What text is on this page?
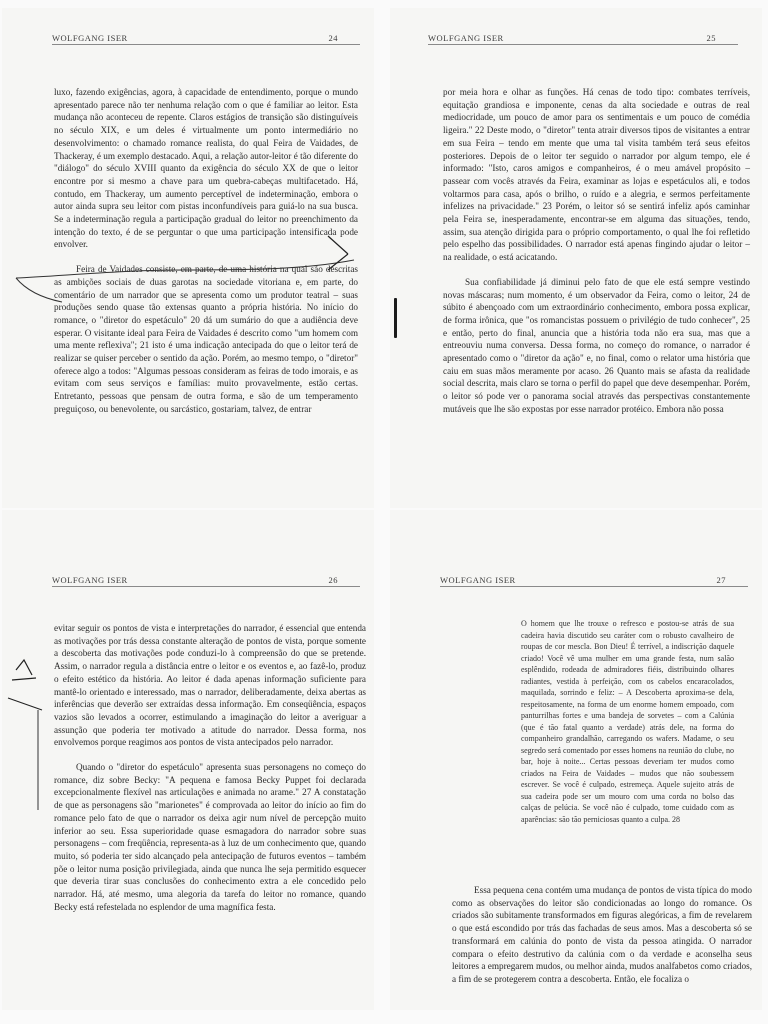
WOLFGANG ISER	24

luxo, fazendo exigências, agora, à capacidade de entendimento, porque o mundo apresentado parece não ter nenhuma relação com o que é familiar ao leitor. Esta mudança não aconteceu de repente. Claros estágios de transição são distinguíveis no século XIX, e um deles é virtualmente um ponto intermediário no desenvolvimento: o chamado romance realista, do qual Feira de Vaidades, de Thackeray, é um exemplo destacado. Aqui, a relação autor-leitor é tão diferente do "diálogo" do século XVIII quanto da exigência do século XX de que o leitor encontre por si mesmo a chave para um quebra-cabeças multifacetado. Há, contudo, em Thackeray, um aumento perceptível de indeterminação, embora o autor ainda supra seu leitor com pistas inconfundíveis para guiá-lo na sua busca. Se a indeterminação regula a participação gradual do leitor no preenchimento da intenção do texto, é de se perguntar o que uma participação intensificada pode envolver.

Feira de Vaidades consiste, em parte, de uma história na qual são descritas as ambições sociais de duas garotas na sociedade vitoriana e, em parte, do comentário de um narrador que se apresenta como um produtor teatral – suas produções sendo quase tão extensas quanto a própria história. No início do romance, o "diretor do espetáculo" 20 dá um sumário do que a audiência deve esperar. O visitante ideal para Feira de Vaidades é descrito como "um homem com uma mente reflexiva"; 21 isto é uma indicação antecipada do que o leitor terá de realizar se quiser perceber o sentido da ação. Porém, ao mesmo tempo, o "diretor" oferece algo a todos: "Algumas pessoas consideram as feiras de todo imorais, e as evitam com seus serviços e famílias: muito provavelmente, estão certas. Entretanto, pessoas que pensam de outra forma, e são de um temperamento preguiçoso, ou benevolente, ou sarcástico, gostariam, talvez, de entrar

WOLFGANG ISER	25

por meia hora e olhar as funções. Há cenas de todo tipo: combates terríveis, equitação grandiosa e imponente, cenas da alta sociedade e outras de real mediocridade, um pouco de amor para os sentimentais e um pouco de comédia ligeira." 22 Deste modo, o "diretor" tenta atrair diversos tipos de visitantes a entrar em sua Feira – tendo em mente que uma tal visita também terá seus efeitos posteriores. Depois de o leitor ter seguido o narrador por algum tempo, ele é informado: "Isto, caros amigos e companheiros, é o meu amável propósito – passear com vocês através da Feira, examinar as lojas e espetáculos ali, e todos voltarmos para casa, após o brilho, o ruído e a alegria, e sermos perfeitamente infelizes na privacidade." 23 Porém, o leitor só se sentirá infeliz após caminhar pela Feira se, inesperadamente, encontrar-se em alguma das situações, tendo, assim, sua atenção dirigida para o próprio comportamento, o qual lhe foi refletido pelo espelho das possibilidades. O narrador está apenas fingindo ajudar o leitor – na realidade, o está acicatando.

Sua confiabilidade já diminui pelo fato de que ele está sempre vestindo novas máscaras; num momento, é um observador da Feira, como o leitor, 24 de súbito é abençoado com um extraordinário conhecimento, embora possa explicar, de forma irônica, que "os romancistas possuem o privilégio de tudo conhecer", 25 e então, perto do final, anuncia que a história toda não era sua, mas que a entreouviu numa conversa. Dessa forma, no começo do romance, o narrador é apresentado como o "diretor da ação" e, no final, como o relator uma história que caiu em suas mãos meramente por acaso. 26 Quanto mais se afasta da realidade social descrita, mais claro se torna o perfil do papel que deve desempenhar. Porém, o leitor só pode ver o panorama social através das perspectivas constantemente mutáveis que lhe são expostas por esse narrador protéico. Embora não possa

WOLFGANG ISER	26

evitar seguir os pontos de vista e interpretações do narrador, é essencial que entenda as motivações por trás dessa constante alteração de pontos de vista, porque somente a descoberta das motivações pode conduzi-lo à compreensão do que se pretende. Assim, o narrador regula a distância entre o leitor e os eventos e, ao fazê-lo, produz o efeito estético da história. Ao leitor é dada apenas informação suficiente para mantê-lo orientado e interessado, mas o narrador, deliberadamente, deixa abertas as inferências que deverão ser extraídas dessa informação. Em conseqüência, espaços vazios são levados a ocorrer, estimulando a imaginação do leitor a averiguar a assunção que poderia ter motivado a atitude do narrador. Dessa forma, nos envolvemos porque reagimos aos pontos de vista antecipados pelo narrador.

Quando o "diretor do espetáculo" apresenta suas personagens no começo do romance, diz sobre Becky: "A pequena e famosa Becky Puppet foi declarada excepcionalmente flexível nas articulações e animada no arame." 27 A constatação de que as personagens são "marionetes" é comprovada ao leitor do início ao fim do romance pelo fato de que o narrador os deixa agir num nível de percepção muito inferior ao seu. Essa superioridade quase esmagadora do narrador sobre suas personagens – com freqüência, representa-as à luz de um conhecimento que, quando muito, só poderia ter sido alcançado pela antecipação de futuros eventos – também põe o leitor numa posição privilegiada, ainda que nunca lhe seja permitido esquecer que deveria tirar suas conclusões do conhecimento extra a ele concedido pelo narrador. Há, até mesmo, uma alegoria da tarefa do leitor no romance, quando Becky está refestelada no esplendor de uma magnífica festa.

WOLFGANG ISER	27

O homem que lhe trouxe o refresco e postou-se atrás de sua cadeira havia discutido seu caráter com o robusto cavalheiro de roupas de cor mescla. Bon Dieu! É terrível, a indiscrição daquele criado! Você vê uma mulher em uma grande festa, num salão esplêndido, rodeada de admiradores fiéis, distribuindo olhares radiantes, vestida à perfeição, com os cabelos encaracolados, maquilada, sorrindo e feliz: – A Descoberta aproxima-se dela, respeitosamente, na forma de um enorme homem empoado, com panturrilhas fortes e uma bandeja de sorvetes – com a Calúnia (que é tão fatal quanto a verdade) atrás dele, na forma do companheiro grandalhão, carregando os wafers. Madame, o seu segredo será comentado por esses homens na reunião do clube, no bar, hoje à noite... Certas pessoas deveriam ter mudos como criados na Feira de Vaidades – mudos que não soubessem escrever. Se você é culpado, estremeça. Aquele sujeito atrás de sua cadeira pode ser um mouro com uma corda no bolso das calças de pelúcia. Se você não é culpado, tome cuidado com as aparências: são tão perniciosas quanto a culpa. 28

Essa pequena cena contém uma mudança de pontos de vista típica do modo como as observações do leitor são condicionadas ao longo do romance. Os criados são subitamente transformados em figuras alegóricas, a fim de revelarem o que está escondido por trás das fachadas de seus amos. Mas a descoberta só se transformará em calúnia do ponto de vista da pessoa atingida. O narrador compara o efeito destrutivo da calúnia com o da verdade e aconselha seus leitores a empregarem mudos, ou melhor ainda, mudos analfabetos como criados, a fim de se protegerem contra a descoberta. Então, ele focaliza o
